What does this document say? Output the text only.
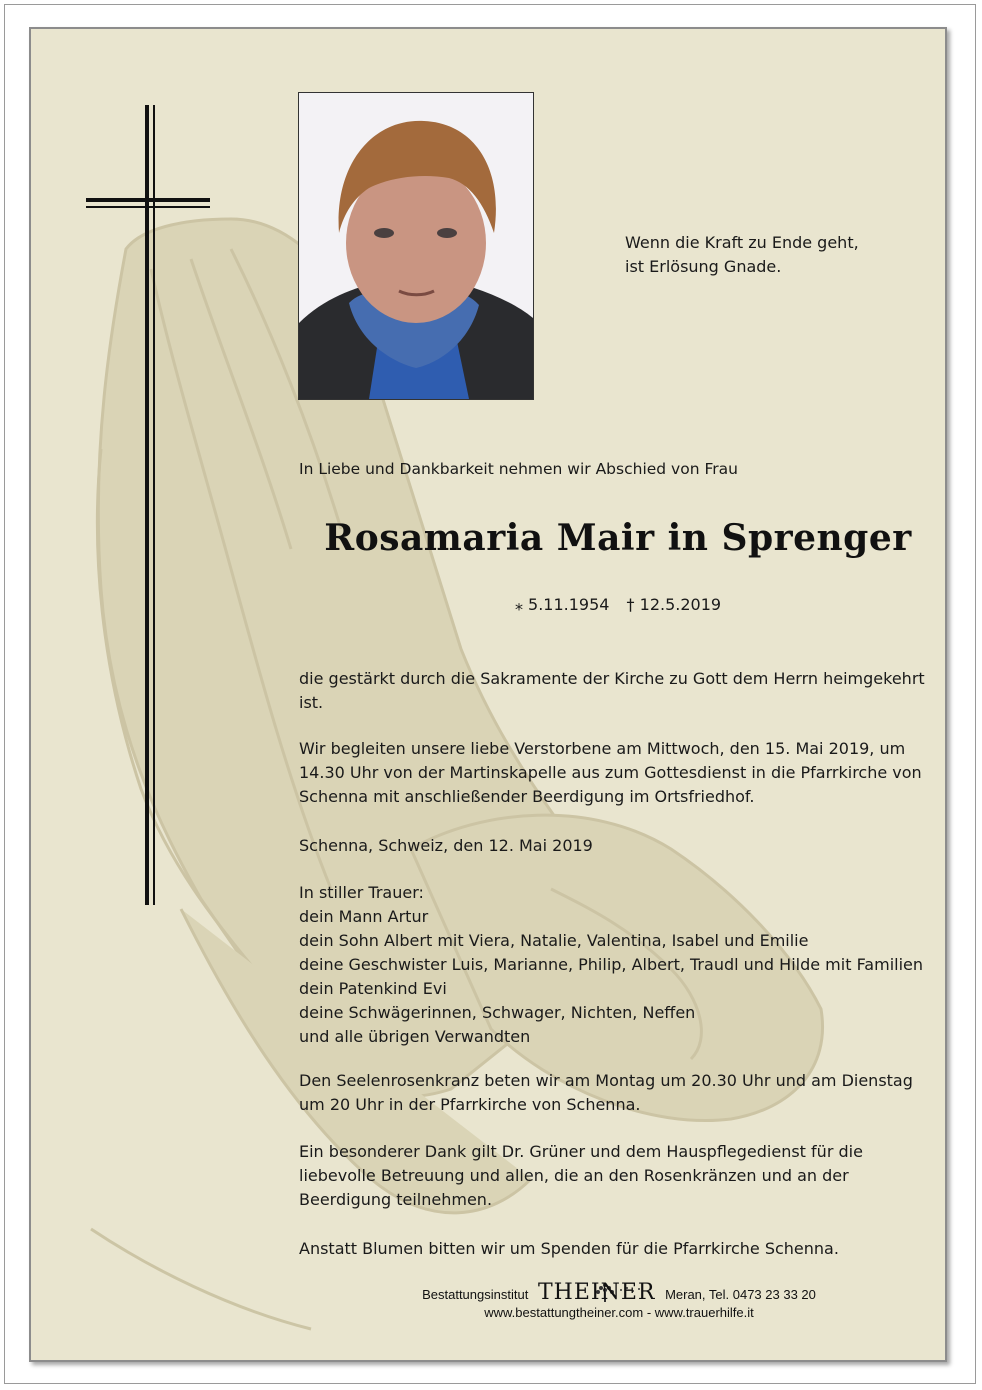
Wenn die Kraft zu Ende geht,
ist Erlösung Gnade.
In Liebe und Dankbarkeit nehmen wir Abschied von Frau
Rosamaria Mair in Sprenger
⁎ 5.11.1954 † 12.5.2019
die gestärkt durch die Sakramente der Kirche zu Gott dem Herrn heimgekehrt
ist.
Wir begleiten unsere liebe Verstorbene am Mittwoch, den 15. Mai 2019, um
14.30 Uhr von der Martinskapelle aus zum Gottesdienst in die Pfarrkirche von
Schenna mit anschließender Beerdigung im Ortsfriedhof.
Schenna, Schweiz, den 12. Mai 2019
In stiller Trauer:
dein Mann Artur
dein Sohn Albert mit Viera, Natalie, Valentina, Isabel und Emilie
deine Geschwister Luis, Marianne, Philip, Albert, Traudl und Hilde mit Familien
dein Patenkind Evi
deine Schwägerinnen, Schwager, Nichten, Neffen
und alle übrigen Verwandten
Den Seelenrosenkranz beten wir am Montag um 20.30 Uhr und am Dienstag
um 20 Uhr in der Pfarrkirche von Schenna.
Ein besonderer Dank gilt Dr. Grüner und dem Hauspflegedienst für die
liebevolle Betreuung und allen, die an den Rosenkränzen und an der
Beerdigung teilnehmen.
Anstatt Blumen bitten wir um Spenden für die Pfarrkirche Schenna.
Bestattungsinstitut THEINER Meran, Tel. 0473 23 33 20
www.bestattungtheiner.com - www.trauerhilfe.it
